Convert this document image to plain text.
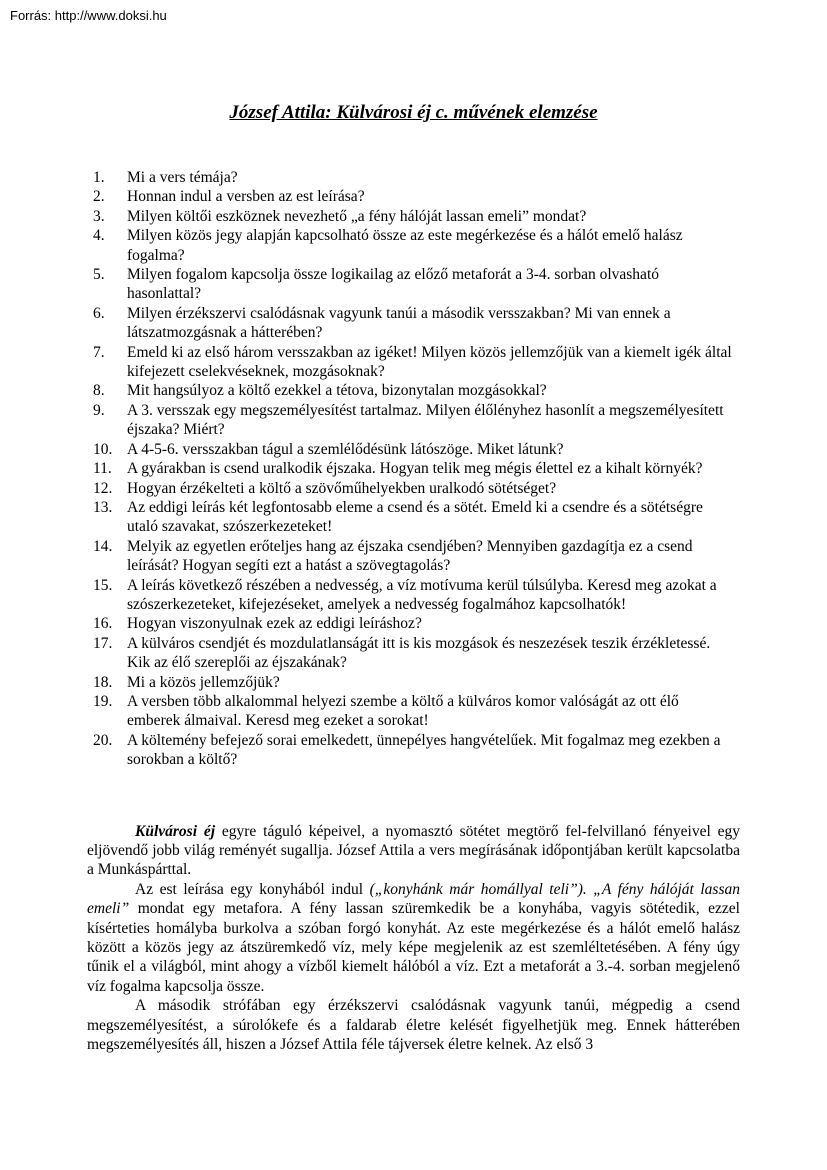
Forrás: http://www.doksi.hu
József Attila: Külvárosi éj c. művének elemzése
1.	Mi a vers témája?
2.	Honnan indul a versben az est leírása?
3.	Milyen költői eszköznek nevezhető „a fény hálóját lassan emeli” mondat?
4.	Milyen közös jegy alapján kapcsolható össze az este megérkezése és a hálót emelő halász fogalma?
5.	Milyen fogalom kapcsolja össze logikailag az előző metaforát a 3-4. sorban olvasható hasonlattal?
6.	Milyen érzékszervi csalódásnak vagyunk tanúi a második versszakban? Mi van ennek a látszatmozgásnak a hátterében?
7.	Emeld ki az első három versszakban az igéket! Milyen közös jellemzőjük van a kiemelt igék által kifejezett cselekvéseknek, mozgásoknak?
8.	Mit hangsúlyoz a költő ezekkel a tétova, bizonytalan mozgásokkal?
9.	A 3. versszak egy megszemélyesítést tartalmaz. Milyen élőlényhez hasonlít a megszemélyesített éjszaka? Miért?
10. A 4-5-6. versszakban tágul a szemlélődésünk látószöge. Miket látunk?
11. A gyárakban is csend uralkodik éjszaka. Hogyan telik meg mégis élettel ez a kihalt környék?
12. Hogyan érzékelteti a költő a szövőműhelyekben uralkodó sötétséget?
13. Az eddigi leírás két legfontosabb eleme a csend és a sötét. Emeld ki a csendre és a sötétségre utaló szavakat, szószerkezeteket!
14. Melyik az egyetlen erőteljes hang az éjszaka csendjében? Mennyiben gazdagítja ez a csend leírását? Hogyan segíti ezt a hatást a szövegtagolás?
15. A leírás következő részében a nedvesség, a víz motívuma kerül túlsúlyba. Keresd meg azokat a szószerkezeteket, kifejezéseket, amelyek a nedvesség fogalmához kapcsolhatók!
16. Hogyan viszonyulnak ezek az eddigi leíráshoz?
17. A külváros csendjét és mozdulatlanságát itt is kis mozgások és neszezések teszik érzékletessé. Kik az élő szereplői az éjszakának?
18. Mi a közös jellemzőjük?
19. A versben több alkalommal helyezi szembe a költő a külváros komor valóságát az ott élő emberek álmaival. Keresd meg ezeket a sorokat!
20. A költemény befejező sorai emelkedett, ünnepélyes hangvételűek. Mit fogalmaz meg ezekben a sorokban a költő?

Külvárosi éj egyre táguló képeivel, a nyomasztó sötétet megtörő fel-felvillanó fényeivel egy eljövendő jobb világ reményét sugallja. József Attila a vers megírásának időpontjában került kapcsolatba a Munkáspárttal.

Az est leírása egy konyhából indul („konyhánk már homállyal teli”). „A fény hálóját lassan emeli” mondat egy metafora. A fény lassan szüremkedik be a konyhába, vagyis sötétedik, ezzel kísérteties homályba burkolva a szóban forgó konyhát. Az este megérkezése és a hálót emelő halász között a közös jegy az átszüremkedő víz, mely képe megjelenik az est szemléltetésében. A fény úgy tűnik el a világból, mint ahogy a vízből kiemelt hálóból a víz. Ezt a metaforát a 3.-4. sorban megjelenő víz fogalma kapcsolja össze.

A második strófában egy érzékszervi csalódásnak vagyunk tanúi, mégpedig a csend megszemélyesítést, a súrolókefe és a faldarab életre kelését figyelhetjük meg. Ennek hátterében megszemélyesítés áll, hiszen a József Attila féle tájversek életre kelnek. Az első 3
